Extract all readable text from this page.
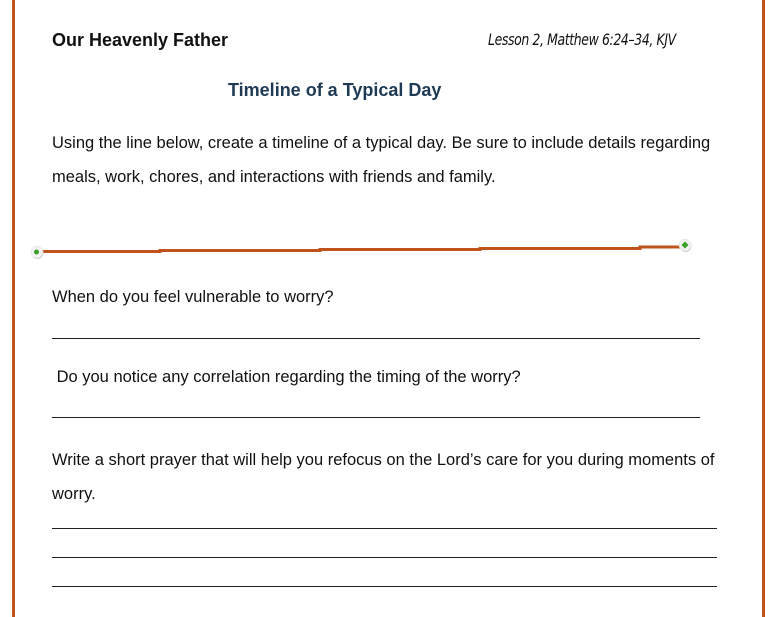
Our Heavenly Father	Lesson 2, Matthew 6:24–34, KJV
Timeline of a Typical Day
Using the line below, create a timeline of a typical day. Be sure to include details regarding meals, work, chores, and interactions with friends and family.
When do you feel vulnerable to worry?
Do you notice any correlation regarding the timing of the worry?
Write a short prayer that will help you refocus on the Lord’s care for you during moments of worry.
